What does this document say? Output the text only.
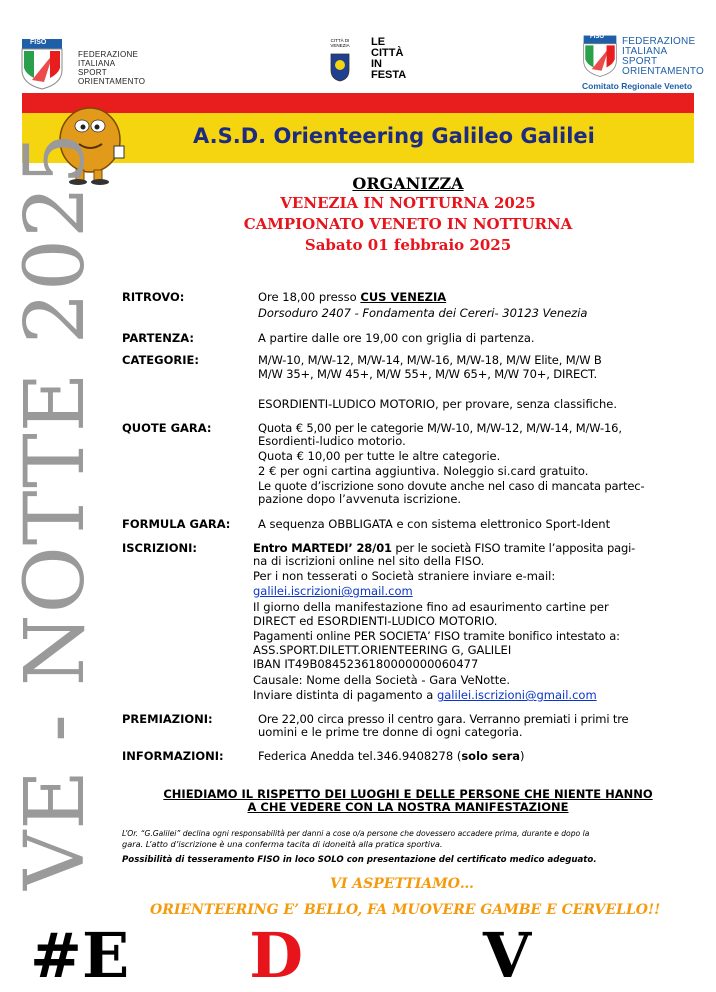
FISO
FEDERAZIONE
ITALIANA
SPORT
ORIENTAMENTO
CITTÀ DI VENEZIA	LE
CITTÀ
IN
FESTA
FISO FEDERAZIONE
ITALIANA
SPORT
ORIENTAMENTO
Comitato Regionale Veneto
A.S.D. Orienteering Galileo Galilei
VE - NOTTE 2025	ORGANIZZA
VENEZIA IN NOTTURNA 2025
CAMPIONATO VENETO IN NOTTURNA
Sabato 01 febbraio 2025
RITROVO:	Ore 18,00 presso CUS VENEZIA
Dorsoduro 2407 - Fondamenta dei Cereri- 30123 Venezia
PARTENZA:	A partire dalle ore 19,00 con griglia di partenza.
CATEGORIE:	M/W-10, M/W-12, M/W-14, M/W-16, M/W-18, M/W Elite, M/W B
M/W 35+, M/W 45+, M/W 55+, M/W 65+, M/W 70+, DIRECT.
ESORDIENTI-LUDICO MOTORIO, per provare, senza classifiche.
QUOTE GARA:	Quota € 5,00 per le categorie M/W-10, M/W-12, M/W-14, M/W-16,
Esordienti-ludico motorio.
Quota € 10,00 per tutte le altre categorie.
2 € per ogni cartina aggiuntiva. Noleggio si.card gratuito.
Le quote d’iscrizione sono dovute anche nel caso di mancata partec-
pazione dopo l’avvenuta iscrizione.
FORMULA GARA: A sequenza OBBLIGATA e con sistema elettronico Sport-Ident
ISCRIZIONI:	Entro MARTEDI’ 28/01 per le società FISO tramite l’apposita pagi-
na di iscrizioni online nel sito della FISO.
Per i non tesserati o Società straniere inviare e-mail:
galilei.iscrizioni@gmail.com
Il giorno della manifestazione fino ad esaurimento cartine per
DIRECT ed ESORDIENTI-LUDICO MOTORIO.
Pagamenti online PER SOCIETA’ FISO tramite bonifico intestato a:
ASS.SPORT.DILETT.ORIENTEERING G, GALILEI
IBAN IT49B0845236180000000060477
Causale: Nome della Società - Gara VeNotte.
Inviare distinta di pagamento a galilei.iscrizioni@gmail.com
PREMIAZIONI:	Ore 22,00 circa presso il centro gara. Verranno premiati i primi tre
uomini e le prime tre donne di ogni categoria.
INFORMAZIONI:	Federica Anedda tel.346.9408278 (solo sera)
CHIEDIAMO IL RISPETTO DEI LUOGHI E DELLE PERSONE CHE NIENTE HANNO
A CHE VEDERE CON LA NOSTRA MANIFESTAZIONE
L’Or. “G.Galilei” declina ogni responsabilità per danni a cose o/a persone che dovessero accadere prima, durante e dopo la
gara. L’atto d’iscrizione è una conferma tacita di idoneità alla pratica sportiva.
Possibilità di tesseramento FISO in loco SOLO con presentazione del certificato medico adeguato.
VI ASPETTIAMO…
ORIENTEERING E’ BELLO, FA MUOVERE GAMBE E CERVELLO!!
#E D	V
